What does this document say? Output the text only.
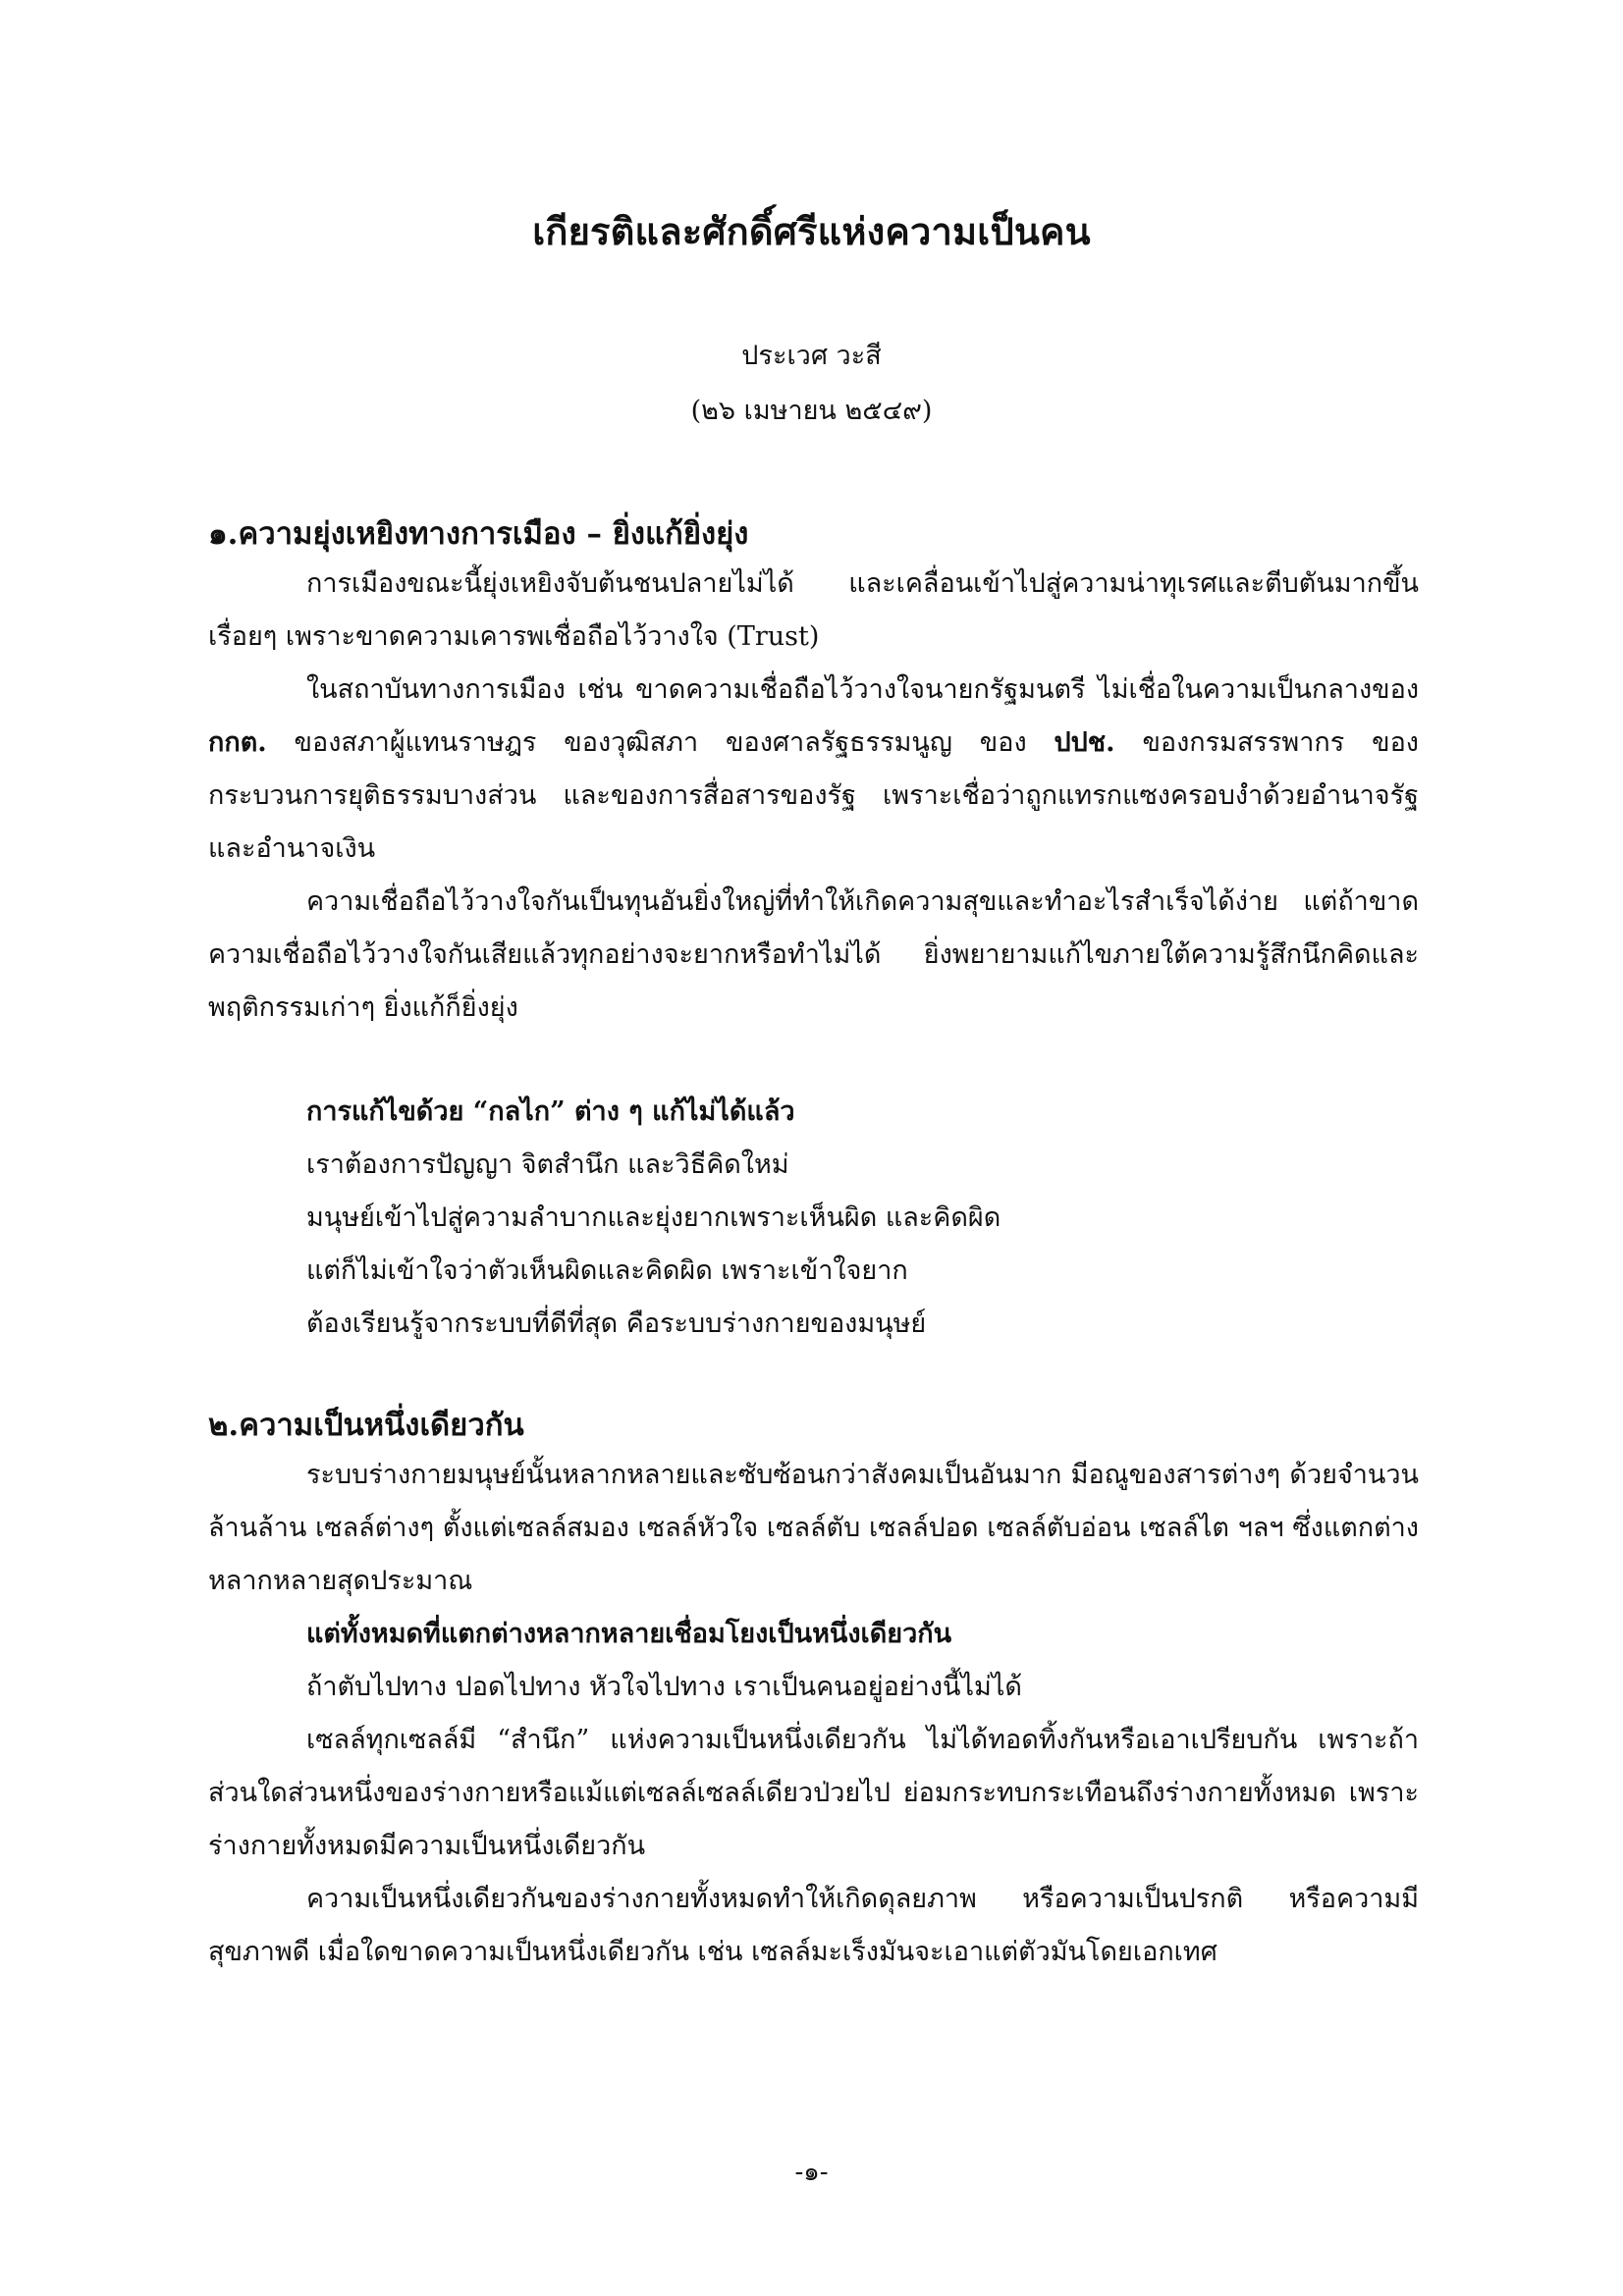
เกียรติและศักดิ์ศรีแห่งความเป็นคน
ประเวศ วะสี
(๒๖ เมษายน ๒๕๔๙)
๑.ความยุ่งเหยิงทางการเมือง – ยิ่งแก้ยิ่งยุ่ง

การเมืองขณะนี้ยุ่งเหยิงจับต้นชนปลายไม่ได้ และเคลื่อนเข้าไปสู่ความน่าทุเรศและตีบตันมากขึ้นเรื่อยๆ เพราะขาดความเคารพเชื่อถือไว้วางใจ (Trust)

ในสถาบันทางการเมือง เช่น ขาดความเชื่อถือไว้วางใจนายกรัฐมนตรี ไม่เชื่อในความเป็นกลางของ กกต. ของสภาผู้แทนราษฎร ของวุฒิสภา ของศาลรัฐธรรมนูญ ของ ปปช. ของกรมสรรพากร ของกระบวนการยุติธรรมบางส่วน และของการสื่อสารของรัฐ เพราะเชื่อว่าถูกแทรกแซงครอบงำด้วยอำนาจรัฐและอำนาจเงิน

ความเชื่อถือไว้วางใจกันเป็นทุนอันยิ่งใหญ่ที่ทำให้เกิดความสุขและทำอะไรสำเร็จได้ง่าย แต่ถ้าขาดความเชื่อถือไว้วางใจกันเสียแล้วทุกอย่างจะยากหรือทำไม่ได้ ยิ่งพยายามแก้ไขภายใต้ความรู้สึกนึกคิดและพฤติกรรมเก่าๆ ยิ่งแก้ก็ยิ่งยุ่ง

การแก้ไขด้วย “กลไก” ต่าง ๆ แก้ไม่ได้แล้ว

เราต้องการปัญญา จิตสำนึก และวิธีคิดใหม่

มนุษย์เข้าไปสู่ความลำบากและยุ่งยากเพราะเห็นผิด และคิดผิด

แต่ก็ไม่เข้าใจว่าตัวเห็นผิดและคิดผิด เพราะเข้าใจยาก

ต้องเรียนรู้จากระบบที่ดีที่สุด คือระบบร่างกายของมนุษย์

๒.ความเป็นหนึ่งเดียวกัน

ระบบร่างกายมนุษย์นั้นหลากหลายและซับซ้อนกว่าสังคมเป็นอันมาก มีอณูของสารต่างๆ ด้วยจำนวนล้านล้าน เซลล์ต่างๆ ตั้งแต่เซลล์สมอง เซลล์หัวใจ เซลล์ตับ เซลล์ปอด เซลล์ตับอ่อน เซลล์ไต ฯลฯ ซึ่งแตกต่างหลากหลายสุดประมาณ

แต่ทั้งหมดที่แตกต่างหลากหลายเชื่อมโยงเป็นหนึ่งเดียวกัน

ถ้าตับไปทาง ปอดไปทาง หัวใจไปทาง เราเป็นคนอยู่อย่างนี้ไม่ได้

เซลล์ทุกเซลล์มี “สำนึก” แห่งความเป็นหนึ่งเดียวกัน ไม่ได้ทอดทิ้งกันหรือเอาเปรียบกัน เพราะถ้าส่วนใดส่วนหนึ่งของร่างกายหรือแม้แต่เซลล์เซลล์เดียวป่วยไป ย่อมกระทบกระเทือนถึงร่างกายทั้งหมด เพราะร่างกายทั้งหมดมีความเป็นหนึ่งเดียวกัน

ความเป็นหนึ่งเดียวกันของร่างกายทั้งหมดทำให้เกิดดุลยภาพ หรือความเป็นปรกติ หรือความมีสุขภาพดี เมื่อใดขาดความเป็นหนึ่งเดียวกัน เช่น เซลล์มะเร็งมันจะเอาแต่ตัวมันโดยเอกเทศ

-๑-
